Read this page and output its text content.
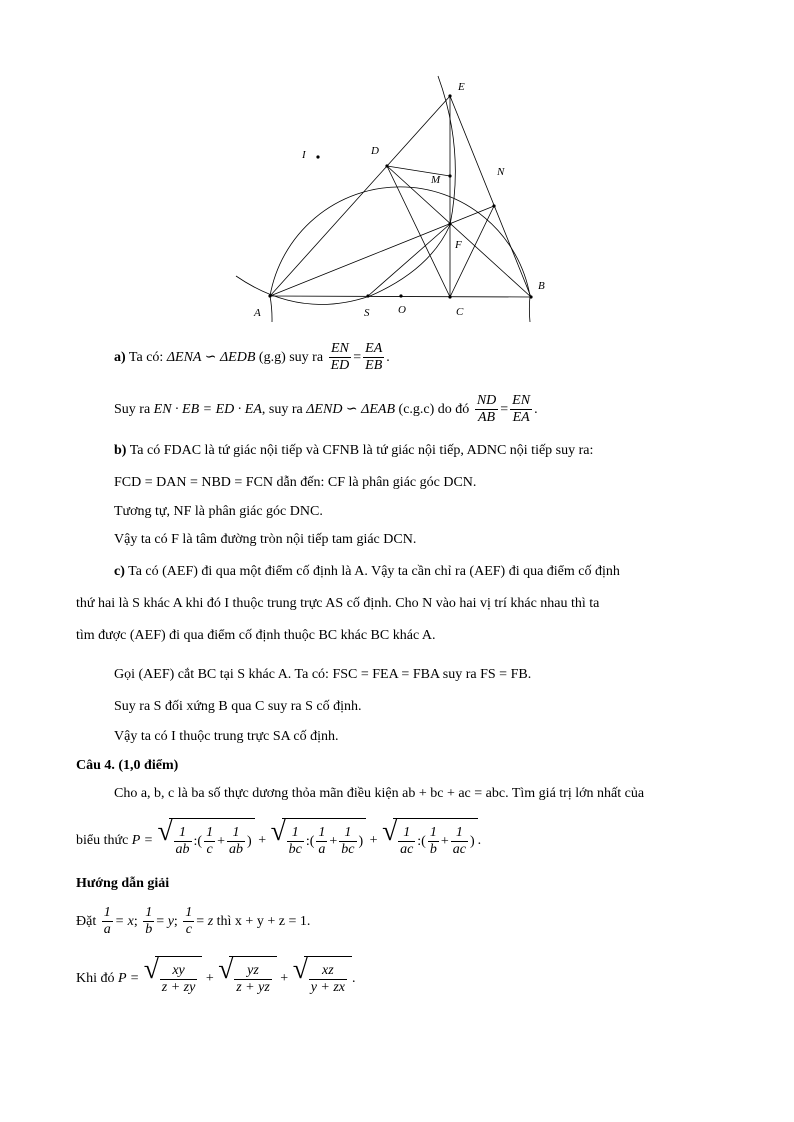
E
I	D
M
N
F
B
A	S	O	C
a) Ta có: ΔENA ∽ ΔEDB (g.g) suy ra $\frac{EN}{ED} = \frac{EA}{EB}$ .
Suy ra EN · EB = ED · EA, suy ra ΔEND ∽ ΔEAB (c.g.c) do đó $\frac{ND}{AB} = \frac{EN}{EA}$ .
b) Ta có FDAC là tứ giác nội tiếp và CFNB là tứ giác nội tiếp, ADNC nội tiếp suy ra:
FCD = DAN = NBD = FCN dẫn đến: CF là phân giác góc DCN.
Tương tự, NF là phân giác góc DNC.
Vậy ta có F là tâm đường tròn nội tiếp tam giác DCN.
c) Ta có (AEF) đi qua một điểm cố định là A. Vậy ta cần chỉ ra (AEF) đi qua điểm cố định
thứ hai là S khác A khi đó I thuộc trung trực AS cố định. Cho N vào hai vị trí khác nhau thì ta
tìm được (AEF) đi qua điểm cố định thuộc BC khác BC khác A.
Gọi (AEF) cắt BC tại S khác A. Ta có: FSC = FEA = FBA suy ra FS = FB.
Suy ra S đối xứng B qua C suy ra S cố định.
Vậy ta có I thuộc trung trực SA cố định.
Câu 4. (1,0 điểm)
Cho a, b, c là ba số thực dương thỏa mãn điều kiện ab + bc + ac = abc. Tìm giá trị lớn nhất của
biểu thức P = √ $\frac{1}{ab}$ :( $\frac{1}{c} + \frac{1}{ab}$ ) + √ $\frac{1}{bc}$ :( $\frac{1}{a} + \frac{1}{bc}$ ) + √ $\frac{1}{ac}$ :( $\frac{1}{b} + \frac{1}{ac}$ ) .
Hướng dẫn giải
Đặt $\frac{1}{a} = x$; $\frac{1}{b} = y$; $\frac{1}{c} = z$ thì x + y + z = 1.
Khi đó P = √ $\frac{xy}{z + zy}$ + √ $\frac{yz}{z + yz}$ + √ $\frac{xz}{y + zx}$ .
